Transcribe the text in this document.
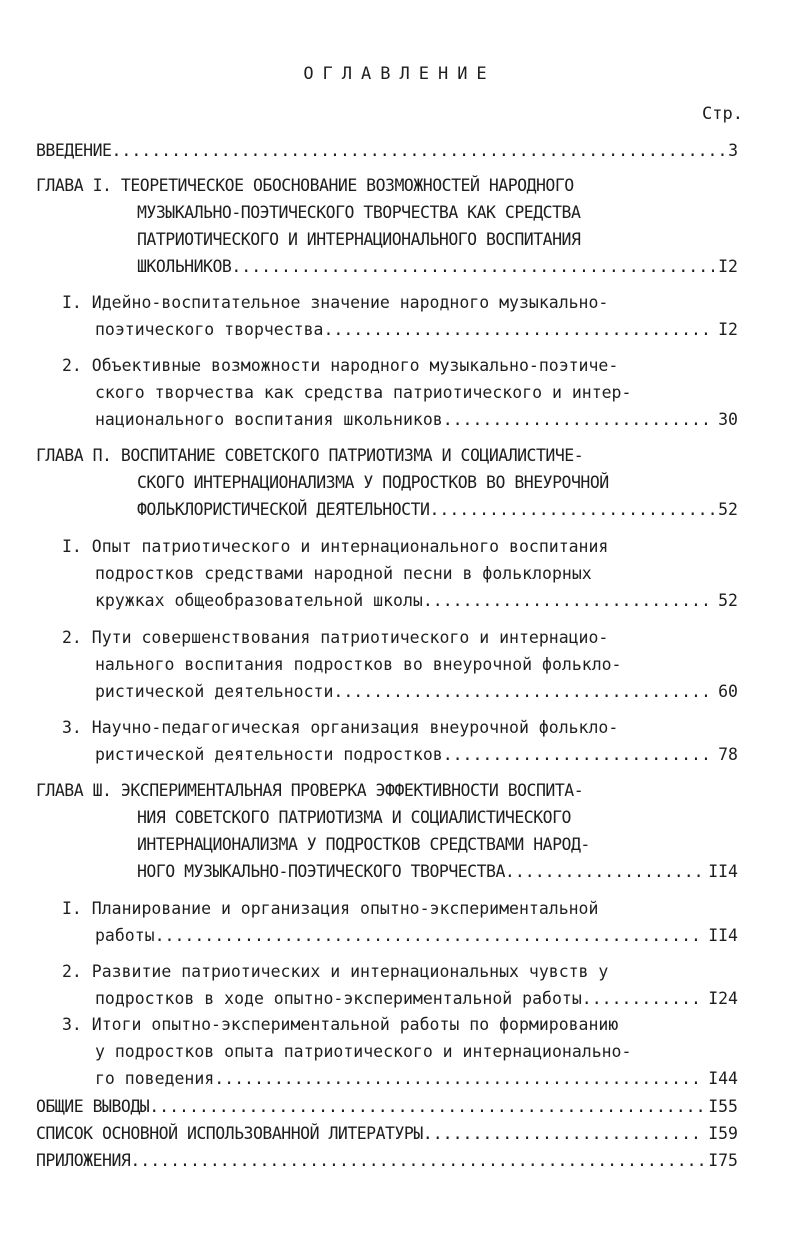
ОГЛАВЛЕНИЕ
Стр.
ВВЕДЕНИЕ .....	3
ГЛАВА I. ТЕОРЕТИЧЕСКОЕ ОБОСНОВАНИЕ ВОЗМОЖНОСТЕЙ НАРОДНОГО
МУЗЫКАЛЬНО-ПОЭТИЧЕСКОГО ТВОРЧЕСТВА КАК СРЕДСТВА
ПАТРИОТИЧЕСКОГО И ИНТЕРНАЦИОНАЛЬНОГО ВОСПИТАНИЯ
ШКОЛЬНИКОВ .....	I2
I. Идейно-воспитательное значение народного музыкально-
поэтического творчества .....	I2
2. Объективные возможности народного музыкально-поэтиче-
ского творчества как средства патриотического и интер-
национального воспитания школьников .....	30
ГЛАВА П. ВОСПИТАНИЕ СОВЕТСКОГО ПАТРИОТИЗМА И СОЦИАЛИСТИЧЕ-
СКОГО ИНТЕРНАЦИОНАЛИЗМА У ПОДРОСТКОВ ВО ВНЕУРОЧНОЙ
ФОЛЬКЛОРИСТИЧЕСКОЙ ДЕЯТЕЛЬНОСТИ .....	52
I. Опыт патриотического и интернационального воспитания
подростков средствами народной песни в фольклорных
кружках общеобразовательной школы .....	52
2. Пути совершенствования патриотического и интернацио-
нального воспитания подростков во внеурочной фолькло-
ристической деятельности .....	60
3. Научно-педагогическая организация внеурочной фолькло-
ристической деятельности подростков .....	78
ГЛАВА Ш. ЭКСПЕРИМЕНТАЛЬНАЯ ПРОВЕРКА ЭФФЕКТИВНОСТИ ВОСПИТА-
НИЯ СОВЕТСКОГО ПАТРИОТИЗМА И СОЦИАЛИСТИЧЕСКОГО
ИНТЕРНАЦИОНАЛИЗМА У ПОДРОСТКОВ СРЕДСТВАМИ НАРОД-
НОГО МУЗЫКАЛЬНО-ПОЭТИЧЕСКОГО ТВОРЧЕСТВА .....	II4
I. Планирование и организация опытно-экспериментальной
работы .....	II4
2. Развитие патриотических и интернациональных чувств у
подростков в ходе опытно-экспериментальной работы .....	I24
3. Итоги опытно-экспериментальной работы по формированию
у подростков опыта патриотического и интернационально-
го поведения .....	I44
ОБЩИЕ ВЫВОДЫ .....	I55
СПИСОК ОСНОВНОЙ ИСПОЛЬЗОВАННОЙ ЛИТЕРАТУРЫ .....	I59
ПРИЛОЖЕНИЯ .....	I75
